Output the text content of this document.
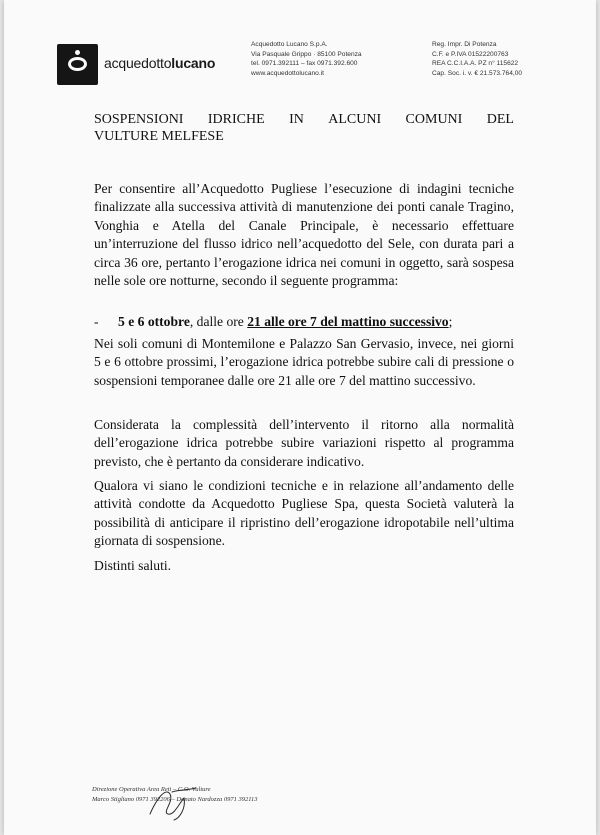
acquedottolucano
Acquedotto Lucano S.p.A.
Via Pasquale Grippo · 85100 Potenza
tel. 0971.392111 – fax 0971.392.600
www.acquedottolucano.it
Reg. Impr. Di Potenza
C.F. e P.IVA 01522200763
REA C.C.I.A.A. PZ n° 115622
Cap. Soc. i. v. € 21.573.764,00
SOSPENSIONI IDRICHE IN ALCUNI COMUNI DEL
VULTURE MELFESE
Per consentire all’Acquedotto Pugliese l’esecuzione di indagini tecniche finalizzate alla successiva attività di manutenzione dei ponti canale Tragino, Vonghia e Atella del Canale Principale, è necessario effettuare un’interruzione del flusso idrico nell’acquedotto del Sele, con durata pari a circa 36 ore, pertanto l’erogazione idrica nei comuni in oggetto, sarà sospesa nelle sole ore notturne, secondo il seguente programma:
- 5 e 6 ottobre, dalle ore 21 alle ore 7 del mattino successivo;
Nei soli comuni di Montemilone e Palazzo San Gervasio, invece, nei giorni 5 e 6 ottobre prossimi, l’erogazione idrica potrebbe subire cali di pressione o sospensioni temporanee dalle ore 21 alle ore 7 del mattino successivo.
Considerata la complessità dell’intervento il ritorno alla normalità dell’erogazione idrica potrebbe subire variazioni rispetto al programma previsto, che è pertanto da considerare indicativo.
Qualora vi siano le condizioni tecniche e in relazione all’andamento delle attività condotte da Acquedotto Pugliese Spa, questa Società valuterà la possibilità di anticipare il ripristino dell’erogazione idropotabile nell’ultima giornata di sospensione.
Distinti saluti.
Direzione Operativa Area Reti – C.O. Vulture
Marco Stigliano 0971 392206 – Donato Nardozza 0971 392113
